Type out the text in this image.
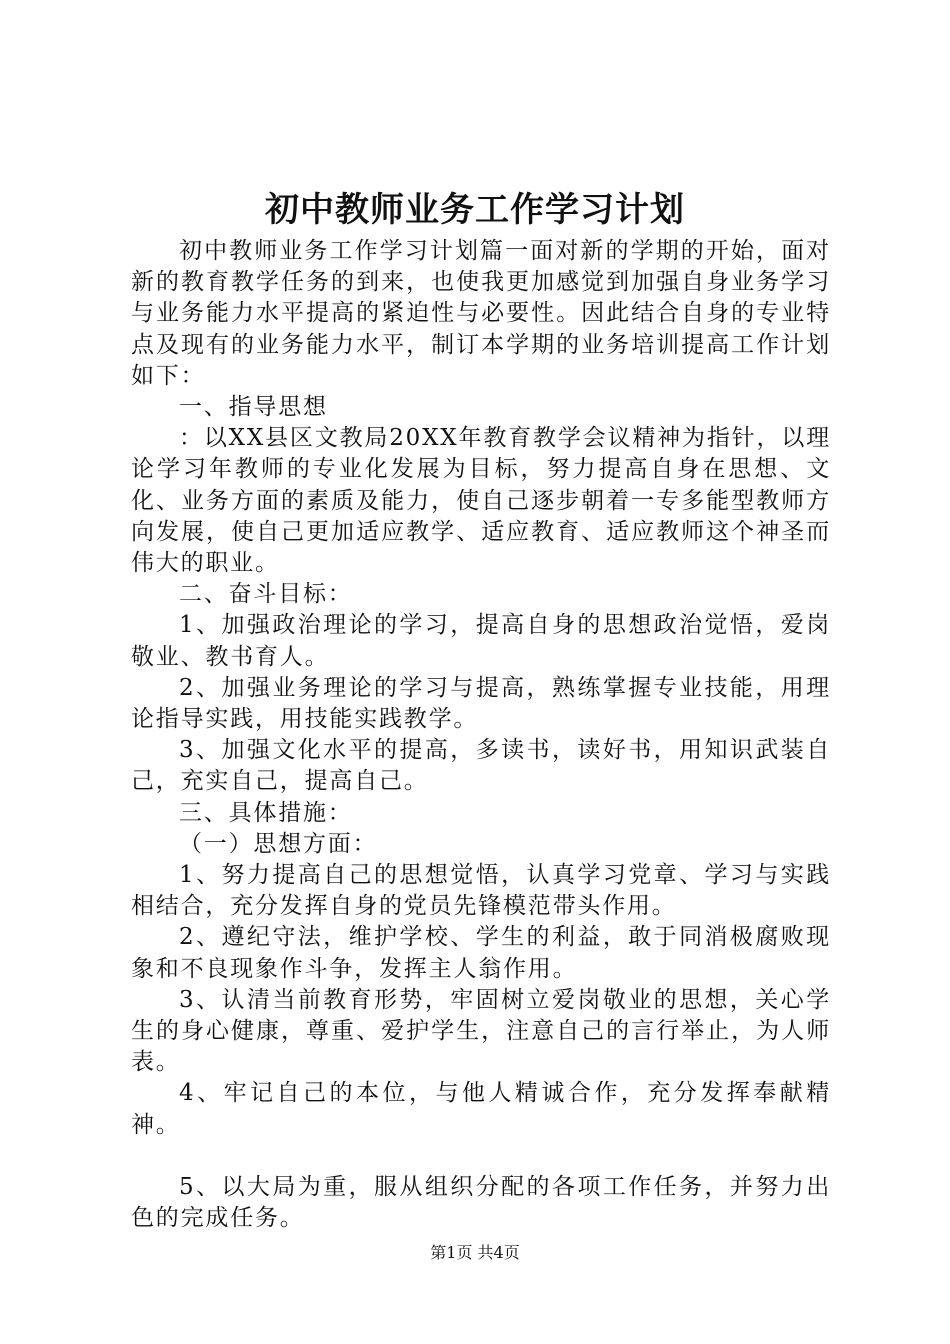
初中教师业务工作学习计划

初中教师业务工作学习计划篇一面对新的学期的开始，面对新的教育教学任务的到来，也使我更加感觉到加强自身业务学习与业务能力水平提高的紧迫性与必要性。因此结合自身的专业特点及现有的业务能力水平，制订本学期的业务培训提高工作计划如下：

一、指导思想

：以XX县区文教局20XX年教育教学会议精神为指针，以理论学习年教师的专业化发展为目标，努力提高自身在思想、文化、业务方面的素质及能力，使自己逐步朝着一专多能型教师方向发展，使自己更加适应教学、适应教育、适应教师这个神圣而伟大的职业。

二、奋斗目标：

1、加强政治理论的学习，提高自身的思想政治觉悟，爱岗敬业、教书育人。

2、加强业务理论的学习与提高，熟练掌握专业技能，用理论指导实践，用技能实践教学。

3、加强文化水平的提高，多读书，读好书，用知识武装自己，充实自己，提高自己。

三、具体措施：

（一）思想方面：

1、努力提高自己的思想觉悟，认真学习党章、学习与实践相结合，充分发挥自身的党员先锋模范带头作用。

2、遵纪守法，维护学校、学生的利益，敢于同消极腐败现象和不良现象作斗争，发挥主人翁作用。

3、认清当前教育形势，牢固树立爱岗敬业的思想，关心学生的身心健康，尊重、爱护学生，注意自己的言行举止，为人师表。

4、牢记自己的本位，与他人精诚合作，充分发挥奉献精神。

5、以大局为重，服从组织分配的各项工作任务，并努力出色的完成任务。

第1页 共4页
